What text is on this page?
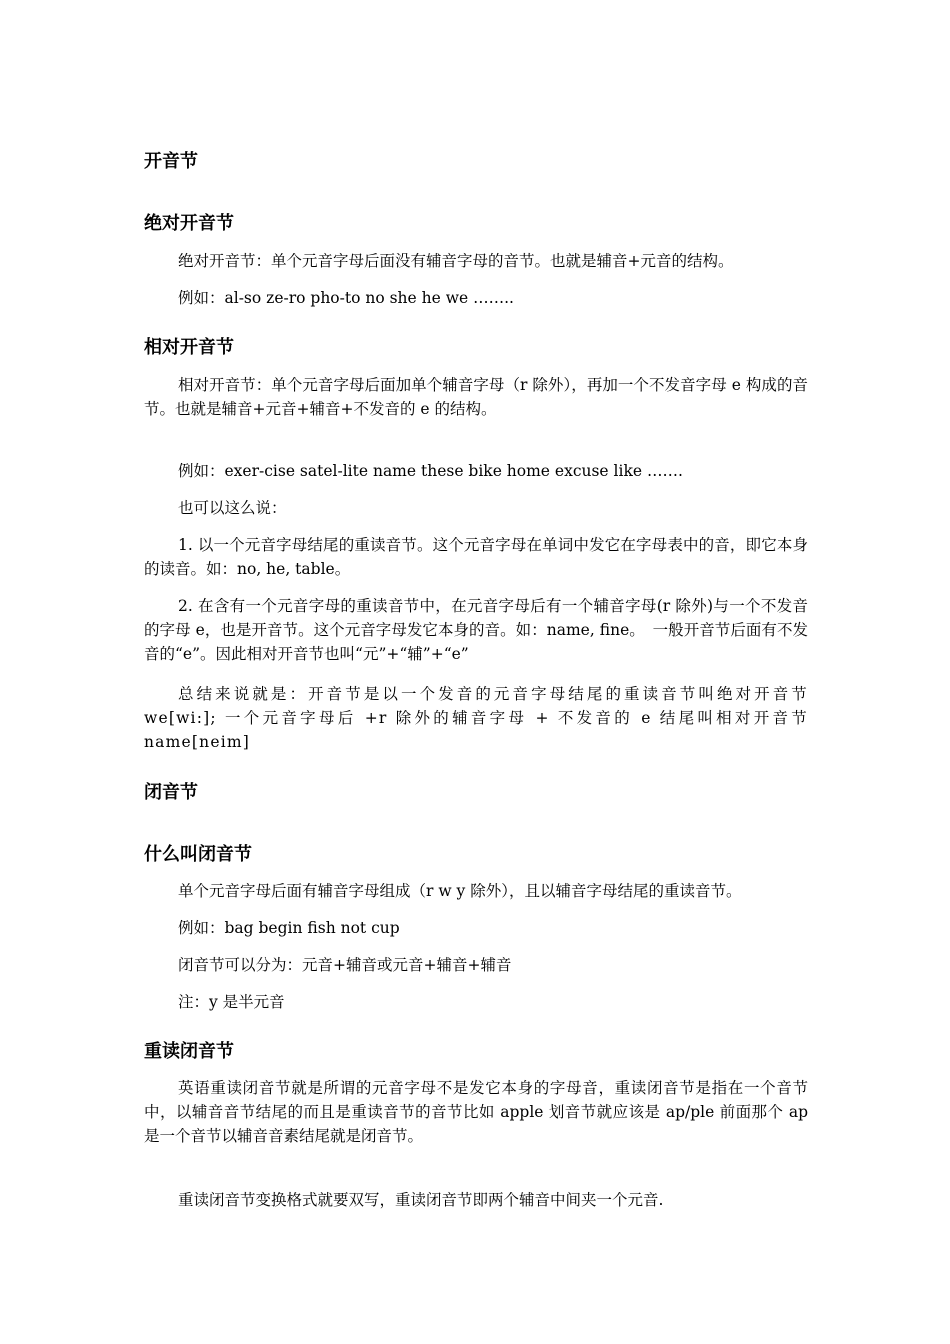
开音节
绝对开音节

绝对开音节：单个元音字母后面没有辅音字母的音节。也就是辅音+元音的结构。

例如：al-so ze-ro pho-to no she he we ……..

相对开音节

相对开音节：单个元音字母后面加单个辅音字母（r 除外），再加一个不发音字母 e 构成的音节。也就是辅音+元音+辅音+不发音的 e 的结构。

例如：exer-cise satel-lite name these bike home excuse like …….

也可以这么说：

1. 以一个元音字母结尾的重读音节。这个元音字母在单词中发它在字母表中的音，即它本身的读音。如：no, he, table。

2. 在含有一个元音字母的重读音节中，在元音字母后有一个辅音字母(r 除外)与一个不发音的字母 e，也是开音节。这个元音字母发它本身的音。如：name, fine。　一般开音节后面有不发音的“e”。因此相对开音节也叫“元”+“辅”+“e”

总结来说就是：开音节是以一个发音的元音字母结尾的重读音节叫绝对开音节 we[wi:]; 一个元音字母后 +r 除外的辅音字母 + 不发音的 e 结尾叫相对开音节 name[neim]

闭音节
什么叫闭音节

单个元音字母后面有辅音字母组成（r w y 除外），且以辅音字母结尾的重读音节。

例如：bag begin fish not cup

闭音节可以分为：元音+辅音或元音+辅音+辅音

注：y 是半元音

重读闭音节

英语重读闭音节就是所谓的元音字母不是发它本身的字母音，重读闭音节是指在一个音节中，以辅音音节结尾的而且是重读音节的音节比如 apple 划音节就应该是 ap/ple 前面那个 ap 是一个音节以辅音音素结尾就是闭音节。

重读闭音节变换格式就要双写，重读闭音节即两个辅音中间夹一个元音.
